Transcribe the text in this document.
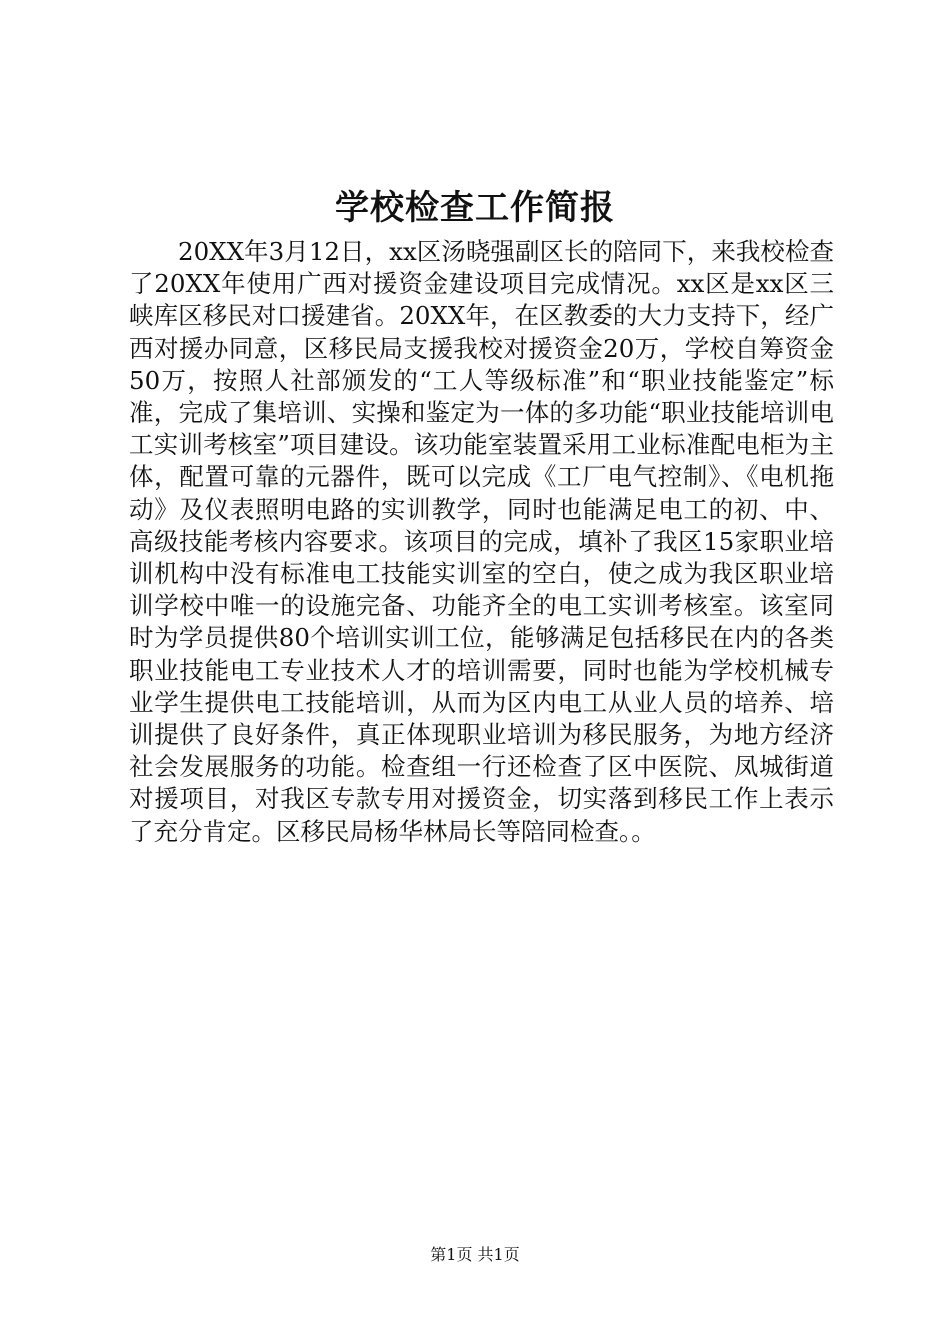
学校检查工作简报

20XX年3月12日，xx区汤晓强副区长的陪同下，来我校检查了20XX年使用广西对援资金建设项目完成情况。xx区是xx区三峡库区移民对口援建省。20XX年，在区教委的大力支持下，经广西对援办同意，区移民局支援我校对援资金20万，学校自筹资金50万，按照人社部颁发的“工人等级标准”和“职业技能鉴定”标准，完成了集培训、实操和鉴定为一体的多功能“职业技能培训电工实训考核室”项目建设。该功能室装置采用工业标准配电柜为主体，配置可靠的元器件，既可以完成《工厂电气控制》、《电机拖动》及仪表照明电路的实训教学，同时也能满足电工的初、中、高级技能考核内容要求。该项目的完成，填补了我区15家职业培训机构中没有标准电工技能实训室的空白，使之成为我区职业培训学校中唯一的设施完备、功能齐全的电工实训考核室。该室同时为学员提供80个培训实训工位，能够满足包括移民在内的各类职业技能电工专业技术人才的培训需要，同时也能为学校机械专业学生提供电工技能培训，从而为区内电工从业人员的培养、培训提供了良好条件，真正体现职业培训为移民服务，为地方经济社会发展服务的功能。检查组一行还检查了区中医院、凤城街道对援项目，对我区专款专用对援资金，切实落到移民工作上表示了充分肯定。区移民局杨华林局长等陪同检查。。

第1页 共1页
